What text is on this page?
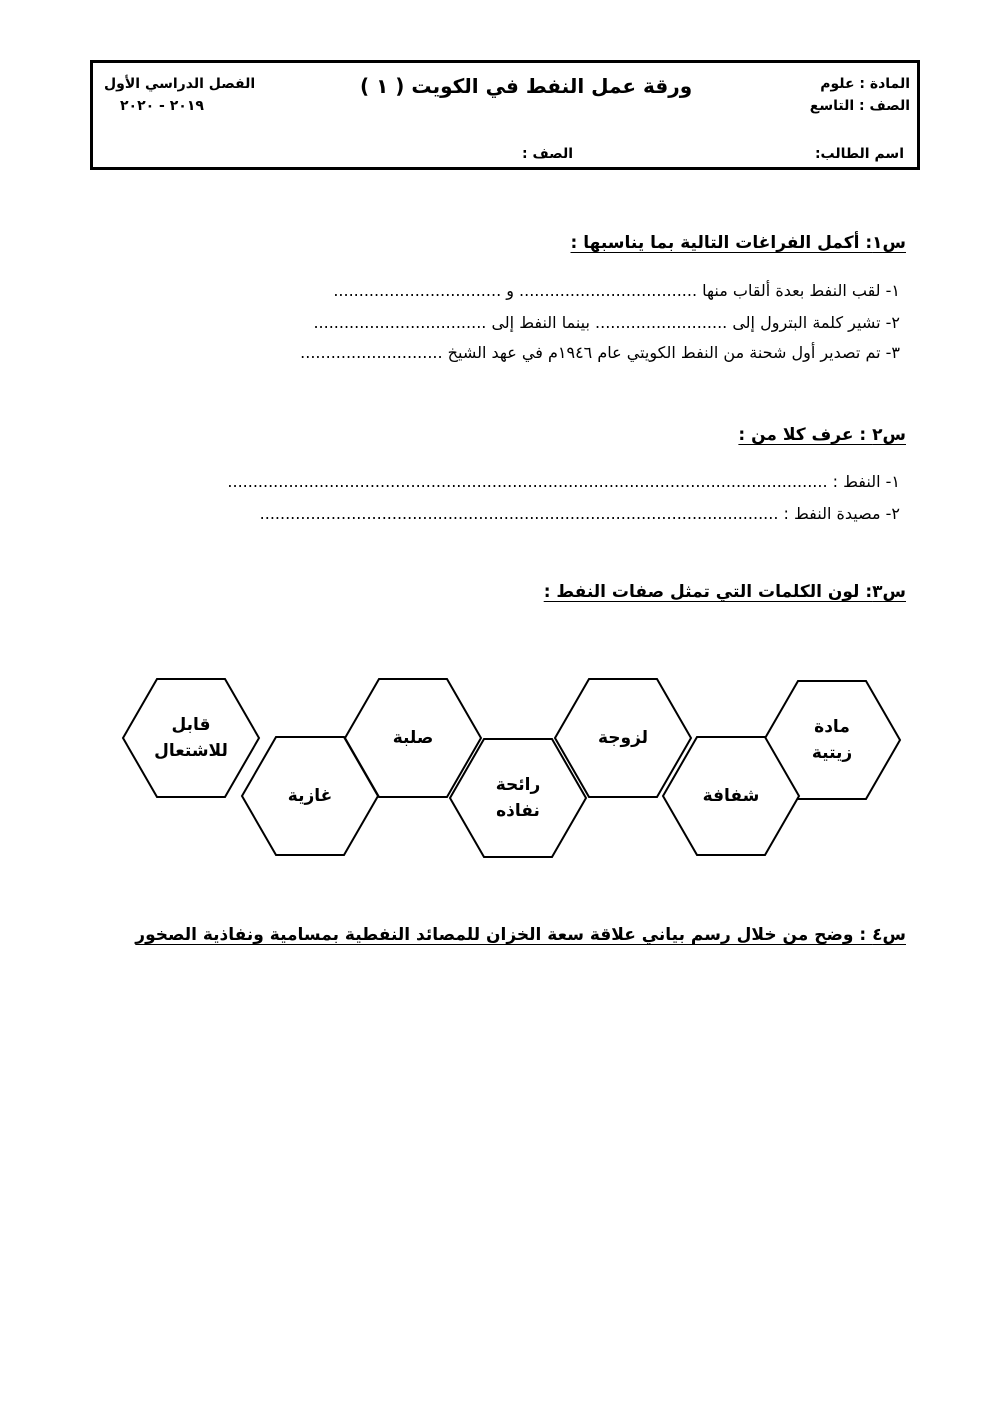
المادة : علوم
الصف : التاسع
ورقة عمل النفط في الكويت ( ١ )
الفصل الدراسي الأول
٢٠١٩ - ٢٠٢٠
اسم الطالب:
الصف :
س١: أكمل الفراغات التالية بما يناسبها :
١- لقب النفط بعدة ألقاب منها ................................... و .................................
٢- تشير كلمة البترول إلى .......................... بينما النفط إلى ..................................
٣- تم تصدير أول شحنة من النفط الكويتي عام ١٩٤٦م في عهد الشيخ ............................
س٢ : عرف كلا من :
١- النفط : ......................................................................................................................
٢- مصيدة النفط : ......................................................................................................
س٣: لون الكلمات التي تمثل صفات النفط :
مادة
زيتية
شفافة
لزوجة
رائحة
نفاذه
صلبة
غازية
قابل
للاشتعال
س٤ : وضح من خلال رسم بياني علاقة سعة الخزان للمصائد النفطية بمسامية ونفاذية الصخور
